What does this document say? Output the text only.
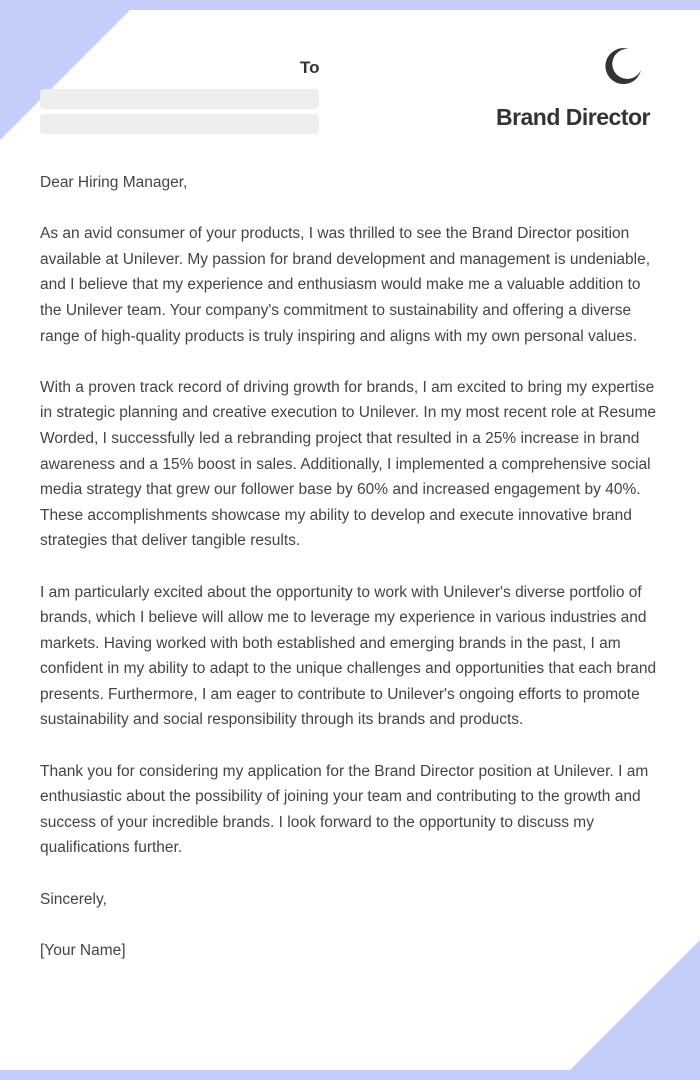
To
Brand Director

Dear Hiring Manager,

As an avid consumer of your products, I was thrilled to see the Brand Director position available at Unilever. My passion for brand development and management is undeniable, and I believe that my experience and enthusiasm would make me a valuable addition to the Unilever team. Your company's commitment to sustainability and offering a diverse range of high-quality products is truly inspiring and aligns with my own personal values.

With a proven track record of driving growth for brands, I am excited to bring my expertise in strategic planning and creative execution to Unilever. In my most recent role at Resume Worded, I successfully led a rebranding project that resulted in a 25% increase in brand awareness and a 15% boost in sales. Additionally, I implemented a comprehensive social media strategy that grew our follower base by 60% and increased engagement by 40%. These accomplishments showcase my ability to develop and execute innovative brand strategies that deliver tangible results.

I am particularly excited about the opportunity to work with Unilever's diverse portfolio of brands, which I believe will allow me to leverage my experience in various industries and markets. Having worked with both established and emerging brands in the past, I am confident in my ability to adapt to the unique challenges and opportunities that each brand presents. Furthermore, I am eager to contribute to Unilever's ongoing efforts to promote sustainability and social responsibility through its brands and products.

Thank you for considering my application for the Brand Director position at Unilever. I am enthusiastic about the possibility of joining your team and contributing to the growth and success of your incredible brands. I look forward to the opportunity to discuss my qualifications further.

Sincerely,

[Your Name]
